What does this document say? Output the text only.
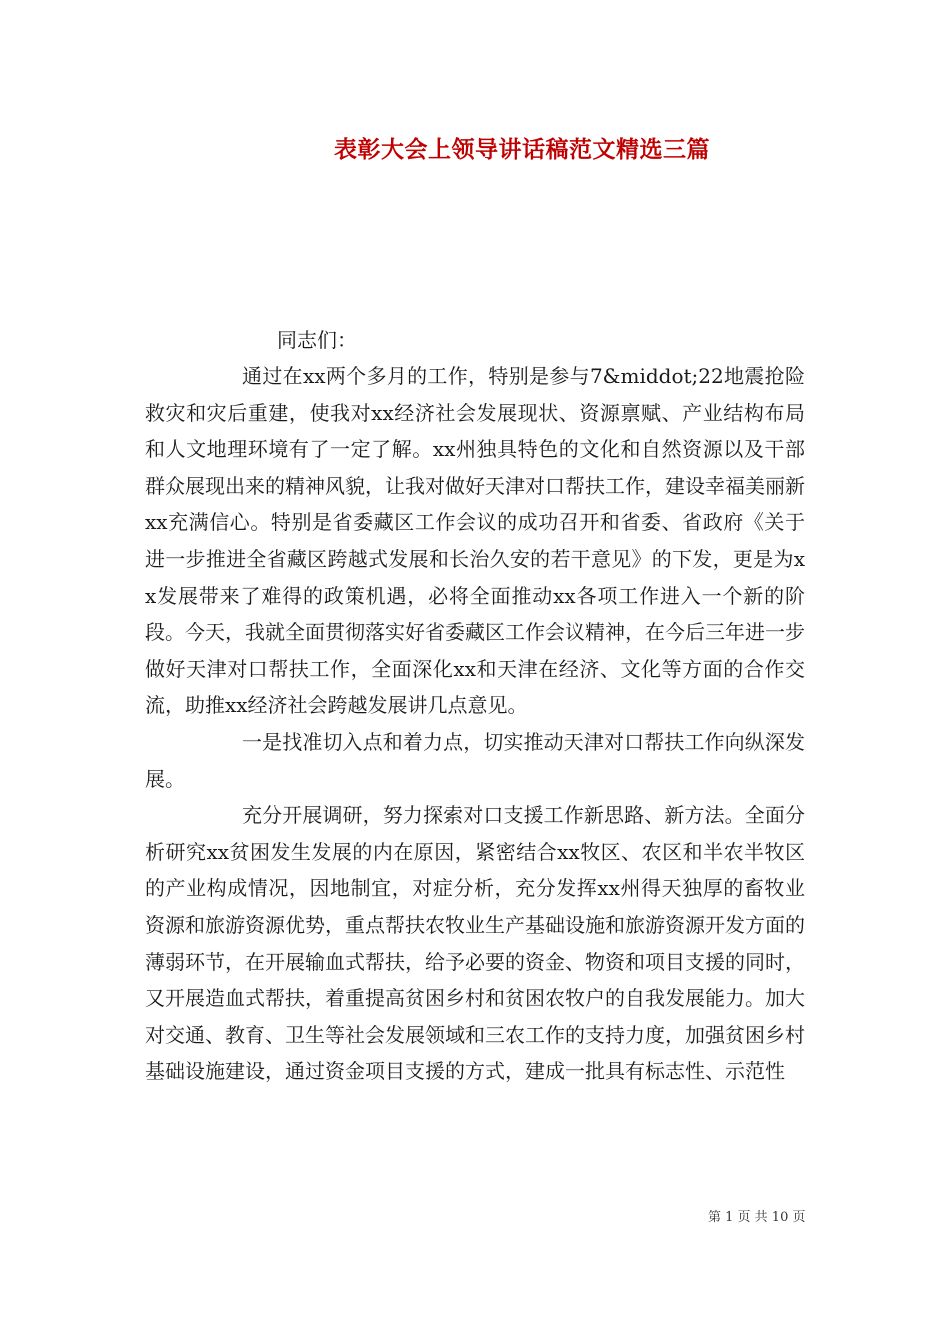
表彰大会上领导讲话稿范文精选三篇

同志们：

通过在xx两个多月的工作，特别是参与7&middot;22地震抢险救灾和灾后重建，使我对xx经济社会发展现状、资源禀赋、产业结构布局和人文地理环境有了一定了解。xx州独具特色的文化和自然资源以及干部群众展现出来的精神风貌，让我对做好天津对口帮扶工作，建设幸福美丽新xx充满信心。特别是省委藏区工作会议的成功召开和省委、省政府《关于进一步推进全省藏区跨越式发展和长治久安的若干意见》的下发，更是为xx发展带来了难得的政策机遇，必将全面推动xx各项工作进入一个新的阶段。今天，我就全面贯彻落实好省委藏区工作会议精神，在今后三年进一步做好天津对口帮扶工作，全面深化xx和天津在经济、文化等方面的合作交流，助推xx经济社会跨越发展讲几点意见。

一是找准切入点和着力点，切实推动天津对口帮扶工作向纵深发展。

充分开展调研，努力探索对口支援工作新思路、新方法。全面分析研究xx贫困发生发展的内在原因，紧密结合xx牧区、农区和半农半牧区的产业构成情况，因地制宜，对症分析，充分发挥xx州得天独厚的畜牧业资源和旅游资源优势，重点帮扶农牧业生产基础设施和旅游资源开发方面的薄弱环节，在开展输血式帮扶，给予必要的资金、物资和项目支援的同时，又开展造血式帮扶，着重提高贫困乡村和贫困农牧户的自我发展能力。加大对交通、教育、卫生等社会发展领域和三农工作的支持力度，加强贫困乡村基础设施建设，通过资金项目支援的方式，建成一批具有标志性、示范性

第 1 页 共 10 页
